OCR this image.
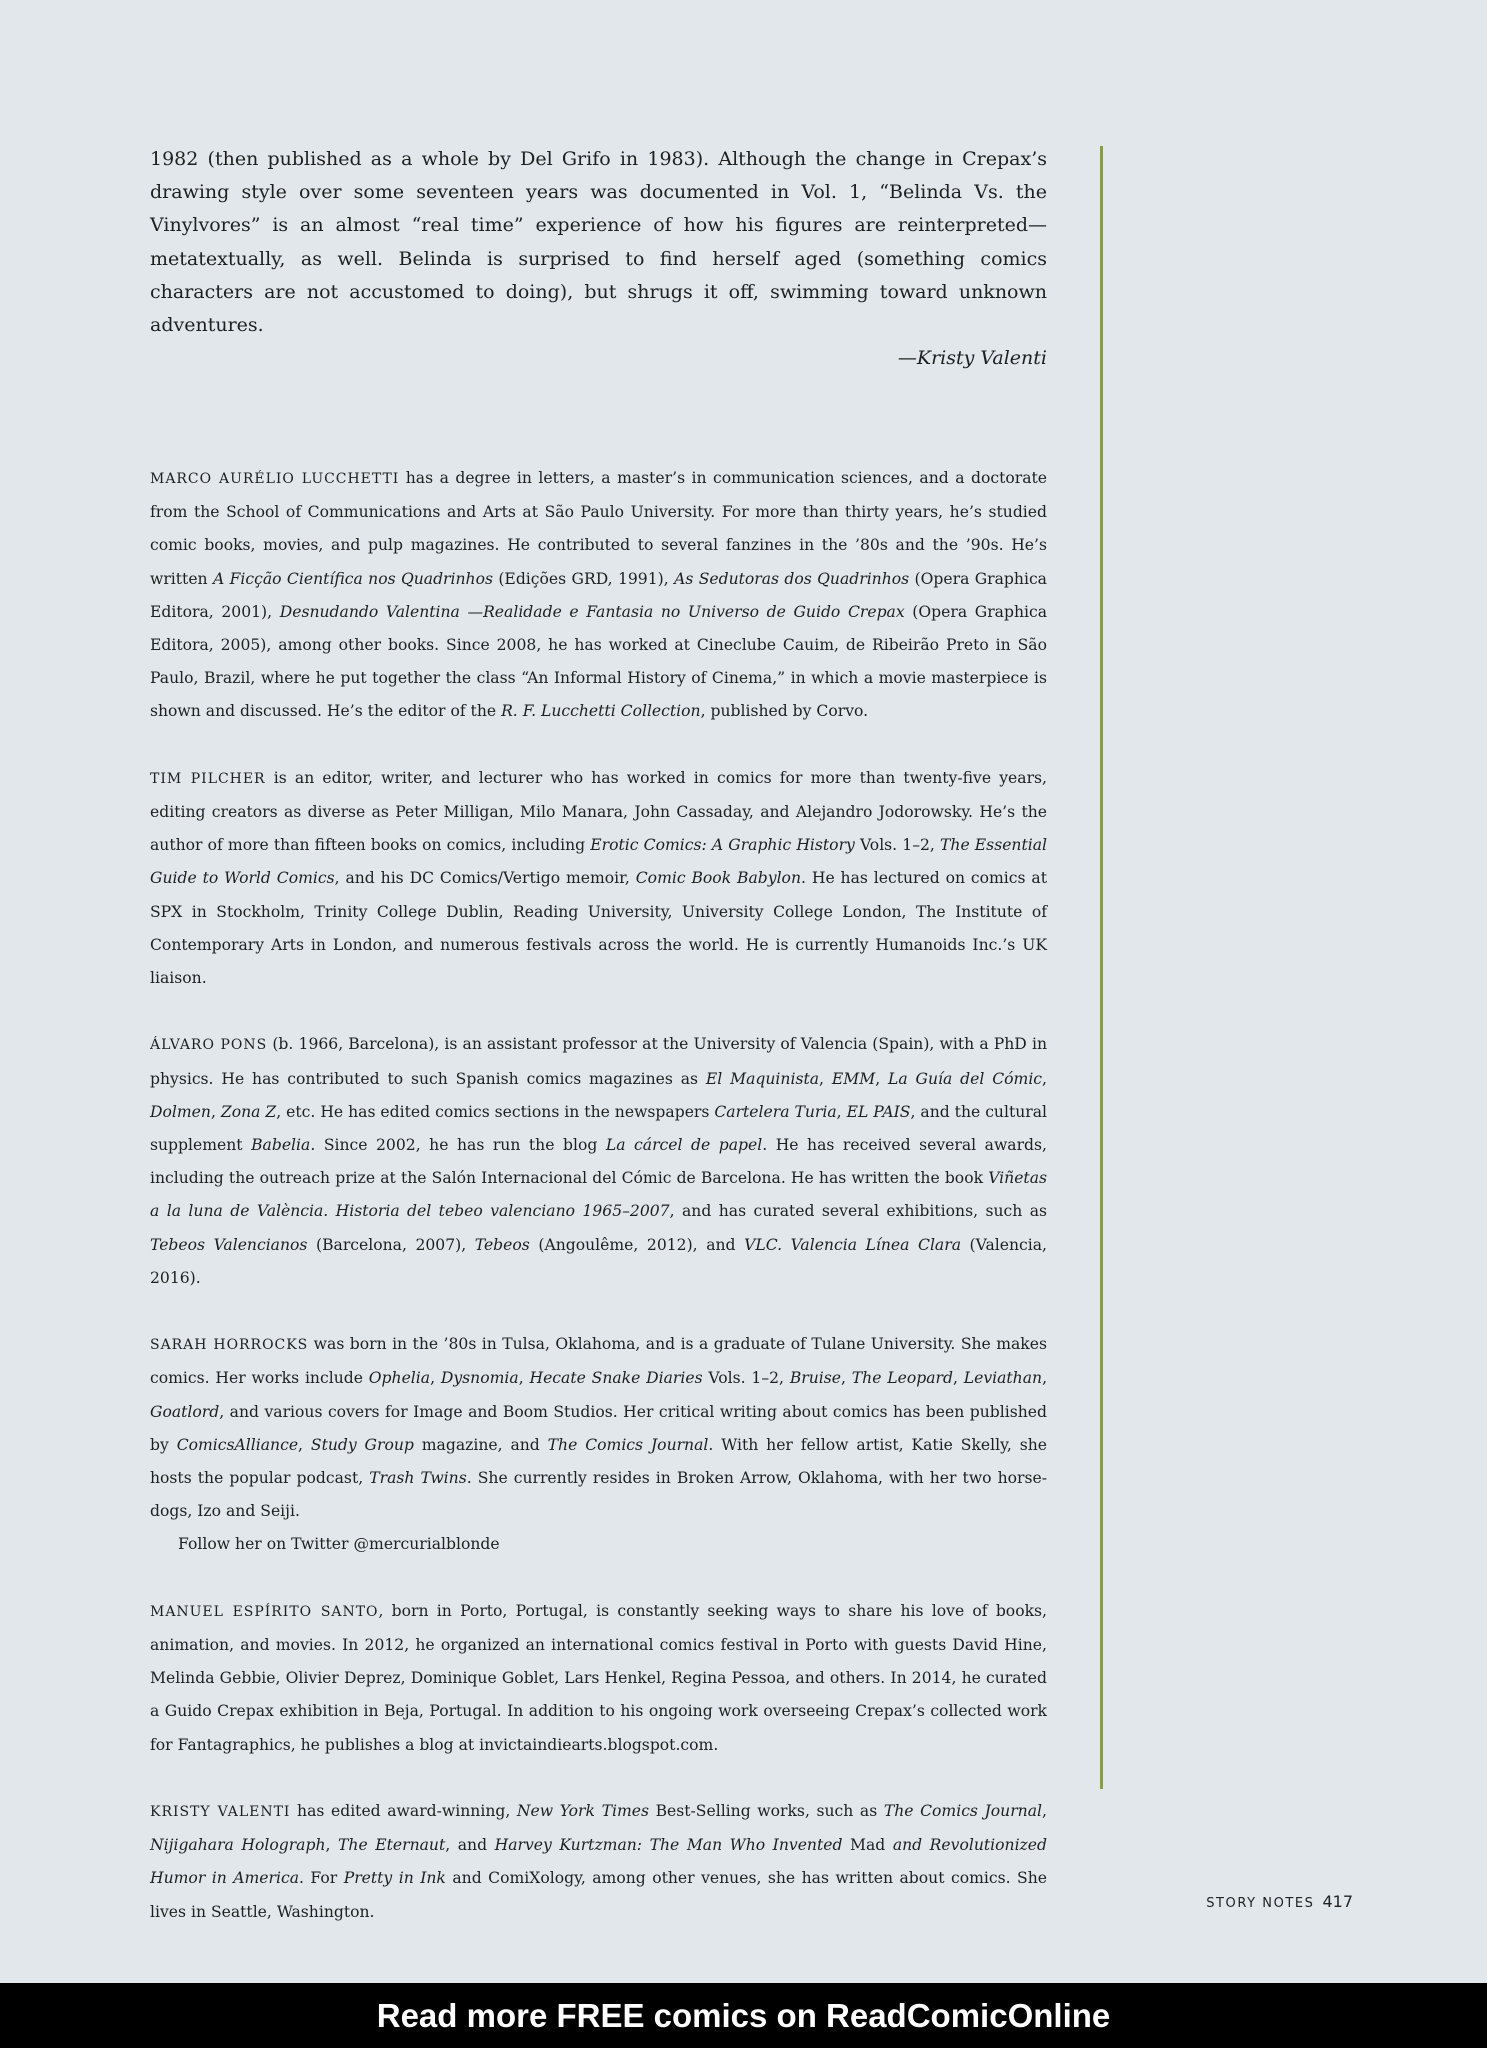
1982 (then published as a whole by Del Grifo in 1983). Although the change in Crepax’s drawing style over some seventeen years was documented in Vol. 1, “Belinda Vs. the Vinylvores” is an almost “real time” experience of how his figures are reinterpreted—metatextually, as well. Belinda is surprised to find herself aged (something comics characters are not accustomed to doing), but shrugs it off, swimming toward unknown adventures.

—Kristy Valenti

MARCO AURÉLIO LUCCHETTI has a degree in letters, a master’s in communication sciences, and a doctorate from the School of Communications and Arts at São Paulo University. For more than thirty years, he’s studied comic books, movies, and pulp magazines. He contributed to several fanzines in the ’80s and the ’90s. He’s written A Ficção Científica nos Quadrinhos (Edições GRD, 1991), As Sedutoras dos Quadrinhos (Opera Graphica Editora, 2001), Desnudando Valentina —Realidade e Fantasia no Universo de Guido Crepax (Opera Graphica Editora, 2005), among other books. Since 2008, he has worked at Cineclube Cauim, de Ribeirão Preto in São Paulo, Brazil, where he put together the class “An Informal History of Cinema,” in which a movie masterpiece is shown and discussed. He’s the editor of the R. F. Lucchetti Collection, published by Corvo.

TIM PILCHER is an editor, writer, and lecturer who has worked in comics for more than twenty-five years, editing creators as diverse as Peter Milligan, Milo Manara, John Cassaday, and Alejandro Jodorowsky. He’s the author of more than fifteen books on comics, including Erotic Comics: A Graphic History Vols. 1–2, The Essential Guide to World Comics, and his DC Comics/Vertigo memoir, Comic Book Babylon. He has lectured on comics at SPX in Stockholm, Trinity College Dublin, Reading University, University College London, The Institute of Contemporary Arts in London, and numerous festivals across the world. He is currently Humanoids Inc.’s UK liaison.

ÁLVARO PONS (b. 1966, Barcelona), is an assistant professor at the University of Valencia (Spain), with a PhD in physics. He has contributed to such Spanish comics magazines as El Maquinista, EMM, La Guía del Cómic, Dolmen, Zona Z, etc. He has edited comics sections in the newspapers Cartelera Turia, EL PAIS, and the cultural supplement Babelia. Since 2002, he has run the blog La cárcel de papel. He has received several awards, including the outreach prize at the Salón Internacional del Cómic de Barcelona. He has written the book Viñetas a la luna de València. Historia del tebeo valenciano 1965–2007, and has curated several exhibitions, such as Tebeos Valencianos (Barcelona, 2007), Tebeos (Angoulême, 2012), and VLC. Valencia Línea Clara (Valencia, 2016).

SARAH HORROCKS was born in the ’80s in Tulsa, Oklahoma, and is a graduate of Tulane University. She makes comics. Her works include Ophelia, Dysnomia, Hecate Snake Diaries Vols. 1–2, Bruise, The Leopard, Leviathan, Goatlord, and various covers for Image and Boom Studios. Her critical writing about comics has been published by ComicsAlliance, Study Group magazine, and The Comics Journal. With her fellow artist, Katie Skelly, she hosts the popular podcast, Trash Twins. She currently resides in Broken Arrow, Oklahoma, with her two horse-dogs, Izo and Seiji.
Follow her on Twitter @mercurialblonde

MANUEL ESPÍRITO SANTO, born in Porto, Portugal, is constantly seeking ways to share his love of books, animation, and movies. In 2012, he organized an international comics festival in Porto with guests David Hine, Melinda Gebbie, Olivier Deprez, Dominique Goblet, Lars Henkel, Regina Pessoa, and others. In 2014, he curated a Guido Crepax exhibition in Beja, Portugal. In addition to his ongoing work overseeing Crepax’s collected work for Fantagraphics, he publishes a blog at invictaindiearts.blogspot.com.

KRISTY VALENTI has edited award-winning, New York Times Best-Selling works, such as The Comics Journal, Nijigahara Holograph, The Eternaut, and Harvey Kurtzman: The Man Who Invented Mad and Revolutionized Humor in America. For Pretty in Ink and ComiXology, among other venues, she has written about comics. She lives in Seattle, Washington.	STORY NOTES 417
Read more FREE comics on ReadComicOnline
